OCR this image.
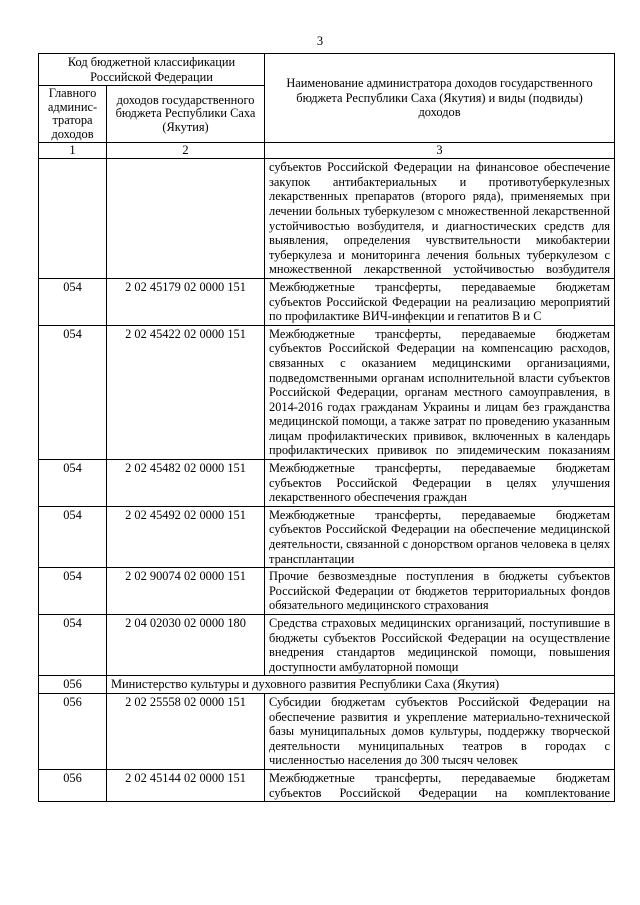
3
Код бюджетной классификации Российской Федерации		Наименование администратора доходов государственного бюджета Республики Саха (Якутия) и виды (подвиды) доходов
Главного админис-тратора доходов	доходов государственного бюджета Республики Саха (Якутия)	
1	2	3
		субъектов Российской Федерации на финансовое обеспечение закупок антибактериальных и противотуберкулезных лекарственных препаратов (второго ряда), применяемых при лечении больных туберкулезом с множественной лекарственной устойчивостью возбудителя, и диагностических средств для выявления, определения чувствительности микобактерии туберкулеза и мониторинга лечения больных туберкулезом с множественной лекарственной устойчивостью возбудителя
054	2 02 45179 02 0000 151	Межбюджетные трансферты, передаваемые бюджетам субъектов Российской Федерации на реализацию мероприятий по профилактике ВИЧ-инфекции и гепатитов В и С
054	2 02 45422 02 0000 151	Межбюджетные трансферты, передаваемые бюджетам субъектов Российской Федерации на компенсацию расходов, связанных с оказанием медицинскими организациями, подведомственными органам исполнительной власти субъектов Российской Федерации, органам местного самоуправления, в 2014-2016 годах гражданам Украины и лицам без гражданства медицинской помощи, а также затрат по проведению указанным лицам профилактических прививок, включенных в календарь профилактических прививок по эпидемическим показаниям
054	2 02 45482 02 0000 151	Межбюджетные трансферты, передаваемые бюджетам субъектов Российской Федерации в целях улучшения лекарственного обеспечения граждан
054	2 02 45492 02 0000 151	Межбюджетные трансферты, передаваемые бюджетам субъектов Российской Федерации на обеспечение медицинской деятельности, связанной с донорством органов человека в целях трансплантации
054	2 02 90074 02 0000 151	Прочие безвозмездные поступления в бюджеты субъектов Российской Федерации от бюджетов территориальных фондов обязательного медицинского страхования
054	2 04 02030 02 0000 180	Средства страховых медицинских организаций, поступившие в бюджеты субъектов Российской Федерации на осуществление внедрения стандартов медицинской помощи, повышения доступности амбулаторной помощи
056	Министерство культуры и духовного развития Республики Саха (Якутия)	
056	2 02 25558 02 0000 151	Субсидии бюджетам субъектов Российской Федерации на обеспечение развития и укрепление материально-технической базы муниципальных домов культуры, поддержку творческой деятельности муниципальных театров в городах с численностью населения до 300 тысяч человек
056	2 02 45144 02 0000 151	Межбюджетные трансферты, передаваемые бюджетам субъектов Российской Федерации на комплектование
